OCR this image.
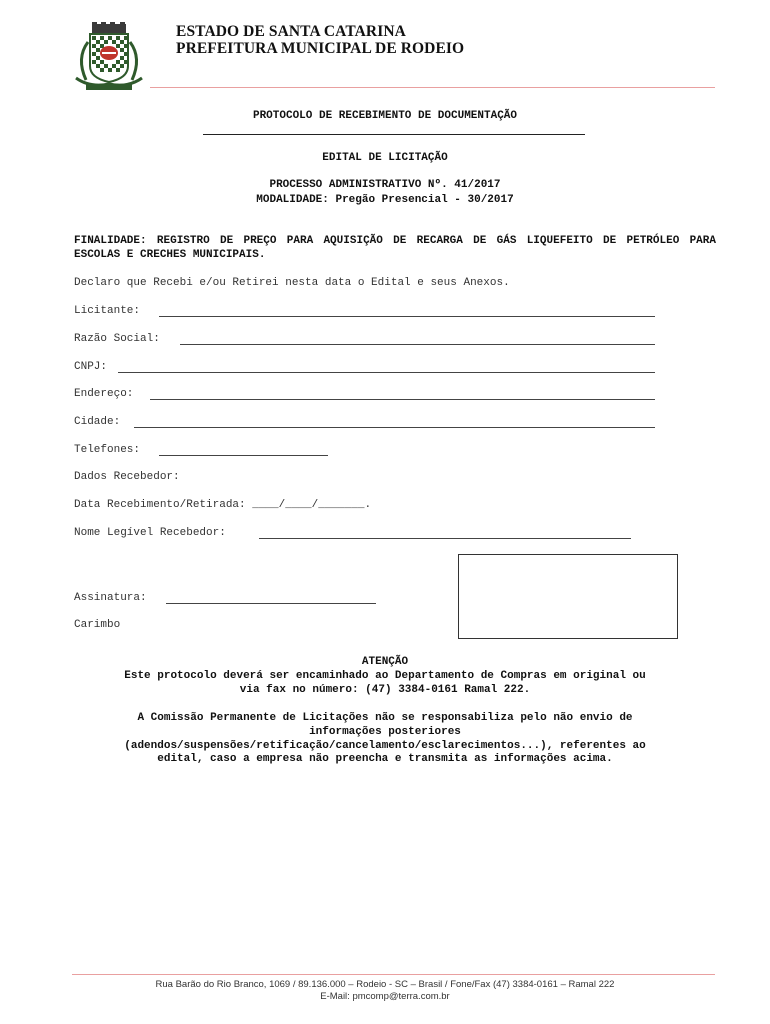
ESTADO DE SANTA CATARINA
PREFEITURA MUNICIPAL DE RODEIO
PROTOCOLO DE RECEBIMENTO DE DOCUMENTAÇÃO
EDITAL DE LICITAÇÃO
PROCESSO ADMINISTRATIVO Nº. 41/2017
MODALIDADE: Pregão Presencial - 30/2017
FINALIDADE: REGISTRO DE PREÇO PARA AQUISIÇÃO DE RECARGA DE GÁS LIQUEFEITO DE PETRÓLEO PARA ESCOLAS E CRECHES MUNICIPAIS.
Declaro que Recebi e/ou Retirei nesta data o Edital e seus Anexos.
Licitante:
Razão Social:
CNPJ:
Endereço:
Cidade:
Telefones:
Dados Recebedor:
Data Recebimento/Retirada: ____/____/_______.
Nome Legível Recebedor:
Assinatura:
Carimbo
ATENÇÃO
Este protocolo deverá ser encaminhado ao Departamento de Compras em original ou
via fax no número: (47) 3384-0161 Ramal 222.
A Comissão Permanente de Licitações não se responsabiliza pelo não envio de
informações posteriores
(adendos/suspensões/retificação/cancelamento/esclarecimentos...), referentes ao
edital, caso a empresa não preencha e transmita as informações acima.
Rua Barão do Rio Branco, 1069 / 89.136.000 – Rodeio - SC – Brasil / Fone/Fax (47) 3384-0161 – Ramal 222
E-Mail: pmcomp@terra.com.br
